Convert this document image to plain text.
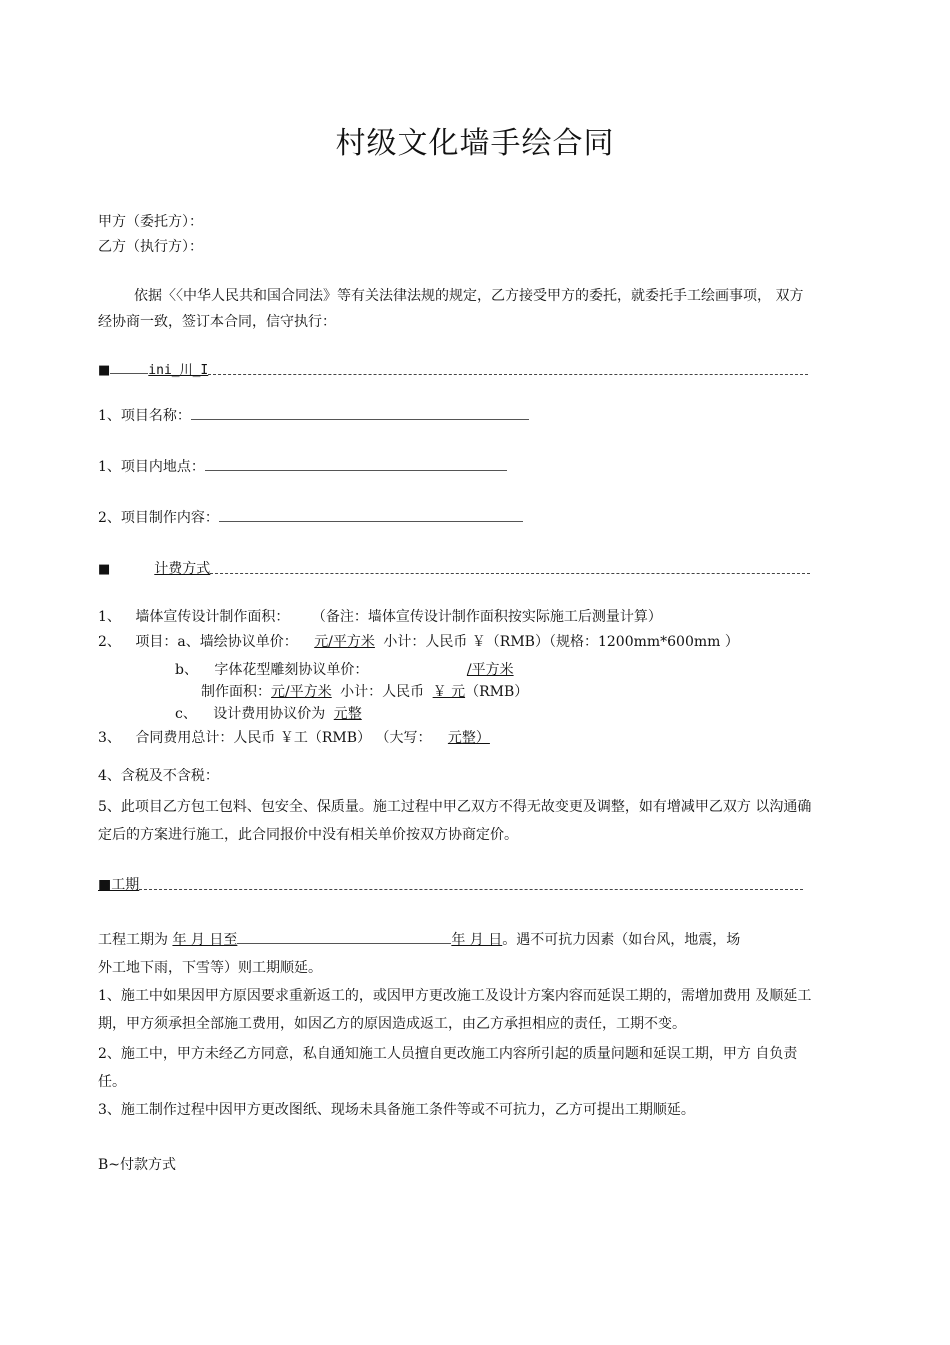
村级文化墙手绘合同
甲方（委托方）：
乙方（执行方）：
依据〈〈中华人民共和国合同法》等有关法律法规的规定，乙方接受甲方的委托，就委托手工绘画事项， 双方
经协商一致，签订本合同，信守执行：
■	ini_川_I
1、项目名称：
1、项目内地点：
2、项目制作内容：
■	计费方式
1、 墙体宣传设计制作面积： （备注：墙体宣传设计制作面积按实际施工后测量计算）
2、 项目：a、墙绘协议单价： 元/平方米 小计：人民币 ￥（RMB）（规格：1200mm*600mm ）
b、 字体花型雕刻协议单价：	/平方米
制作面积：元/平方米 小计：人民币 ￥ 元（RMB）
c、 设计费用协议价为 元整
3、 合同费用总计：人民币 ￥工（RMB） （大写： 元整）
4、含税及不含税：
5、此项目乙方包工包料、包安全、保质量。施工过程中甲乙双方不得无故变更及调整，如有增减甲乙双方 以沟通确
定后的方案进行施工，此合同报价中没有相关单价按双方协商定价。
■工期
工程工期为 年 月 日至	年 月 日。遇不可抗力因素（如台风，地震，场
外工地下雨，下雪等）则工期顺延。
1、施工中如果因甲方原因要求重新返工的，或因甲方更改施工及设计方案内容而延误工期的，需增加费用 及顺延工
期，甲方须承担全部施工费用，如因乙方的原因造成返工，由乙方承担相应的责任，工期不变。
2、施工中，甲方未经乙方同意，私自通知施工人员擅自更改施工内容所引起的质量问题和延误工期，甲方 自负责
任。
3、施工制作过程中因甲方更改图纸、现场未具备施工条件等或不可抗力，乙方可提出工期顺延。
B~付款方式
